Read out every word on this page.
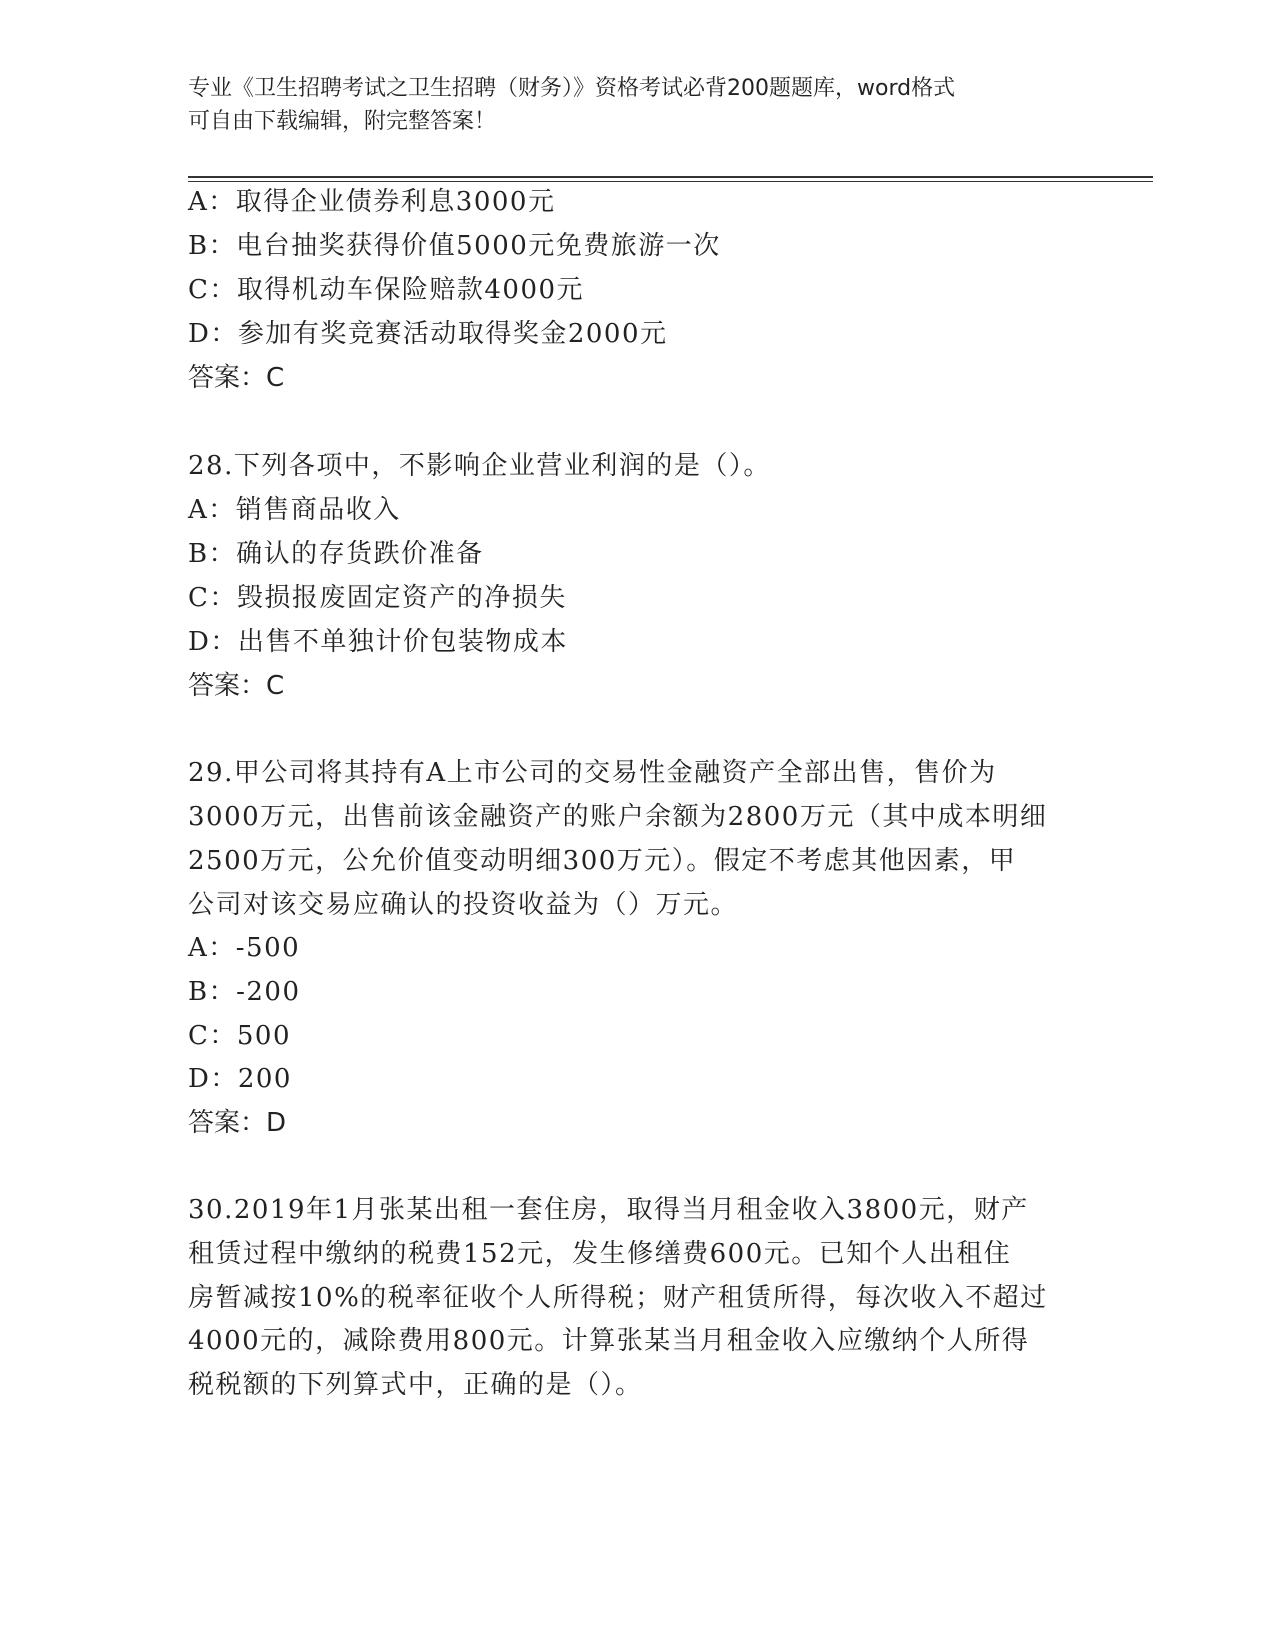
专业《卫生招聘考试之卫生招聘（财务）》资格考试必背200题题库，word格式
可自由下载编辑，附完整答案！
A：取得企业债券利息3000元
B：电台抽奖获得价值5000元免费旅游一次
C：取得机动车保险赔款4000元
D：参加有奖竞赛活动取得奖金2000元
答案：C
28.下列各项中，不影响企业营业利润的是（）。
A：销售商品收入
B：确认的存货跌价准备
C：毁损报废固定资产的净损失
D：出售不单独计价包装物成本
答案：C
29.甲公司将其持有A上市公司的交易性金融资产全部出售，售价为
3000万元，出售前该金融资产的账户余额为2800万元（其中成本明细
2500万元，公允价值变动明细300万元）。假定不考虑其他因素，甲
公司对该交易应确认的投资收益为（）万元。
A：-500
B：-200
C：500
D：200
答案：D
30.2019年1月张某出租一套住房，取得当月租金收入3800元，财产
租赁过程中缴纳的税费152元，发生修缮费600元。已知个人出租住
房暂减按10%的税率征收个人所得税；财产租赁所得，每次收入不超过
4000元的，减除费用800元。计算张某当月租金收入应缴纳个人所得
税税额的下列算式中，正确的是（）。
